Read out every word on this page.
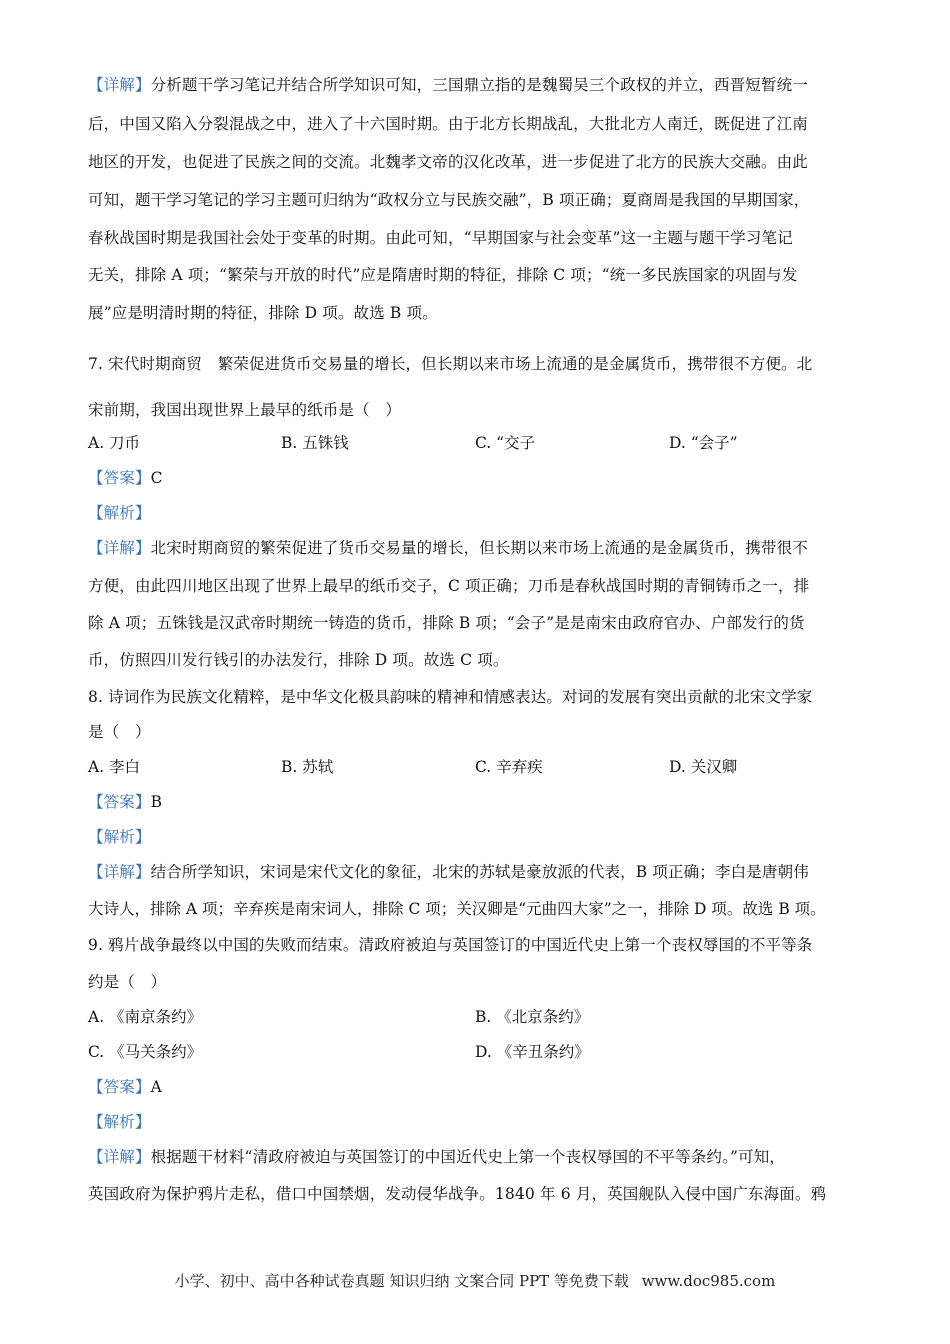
【详解】分析题干学习笔记并结合所学知识可知，三国鼎立指的是魏蜀吴三个政权的并立，西晋短暂统一
后，中国又陷入分裂混战之中，进入了十六国时期。由于北方长期战乱，大批北方人南迁，既促进了江南
地区的开发，也促进了民族之间的交流。北魏孝文帝的汉化改革，进一步促进了北方的民族大交融。由此
可知，题干学习笔记的学习主题可归纳为“政权分立与民族交融”，B 项正确；夏商周是我国的早期国家，
春秋战国时期是我国社会处于变革的时期。由此可知，“早期国家与社会变革”这一主题与题干学习笔记
无关，排除 A 项；“繁荣与开放的时代”应是隋唐时期的特征，排除 C 项；“统一多民族国家的巩固与发
展”应是明清时期的特征，排除 D 项。故选 B 项。
7. 宋代时期商贸　繁荣促进货币交易量的增长，但长期以来市场上流通的是金属货币，携带很不方便。北
宋前期，我国出现世界上最早的纸币是（　）
A. 刀币	B. 五铢钱	C. “交子	D. “会子”
【答案】C
【解析】
【详解】北宋时期商贸的繁荣促进了货币交易量的增长，但长期以来市场上流通的是金属货币，携带很不
方便，由此四川地区出现了世界上最早的纸币交子，C 项正确；刀币是春秋战国时期的青铜铸币之一，排
除 A 项；五铢钱是汉武帝时期统一铸造的货币，排除 B 项；“会子”是是南宋由政府官办、户部发行的货
币，仿照四川发行钱引的办法发行，排除 D 项。故选 C 项。
8. 诗词作为民族文化精粹，是中华文化极具韵味的精神和情感表达。对词的发展有突出贡献的北宋文学家
是（　）
A. 李白	B. 苏轼	C. 辛弃疾	D. 关汉卿
【答案】B
【解析】
【详解】结合所学知识，宋词是宋代文化的象征，北宋的苏轼是豪放派的代表，B 项正确；李白是唐朝伟
大诗人，排除 A 项；辛弃疾是南宋词人，排除 C 项；关汉卿是“元曲四大家”之一，排除 D 项。故选 B 项。
9. 鸦片战争最终以中国的失败而结束。清政府被迫与英国签订的中国近代史上第一个丧权辱国的不平等条
约是（　）
A. 《南京条约》	B. 《北京条约》
C. 《马关条约》	D. 《辛丑条约》
【答案】A
【解析】
【详解】根据题干材料“清政府被迫与英国签订的中国近代史上第一个丧权辱国的不平等条约。”可知，
英国政府为保护鸦片走私，借口中国禁烟，发动侵华战争。1840 年 6 月，英国舰队入侵中国广东海面。鸦
小学、初中、高中各种试卷真题 知识归纳 文案合同 PPT 等免费下载 www.doc985.com
